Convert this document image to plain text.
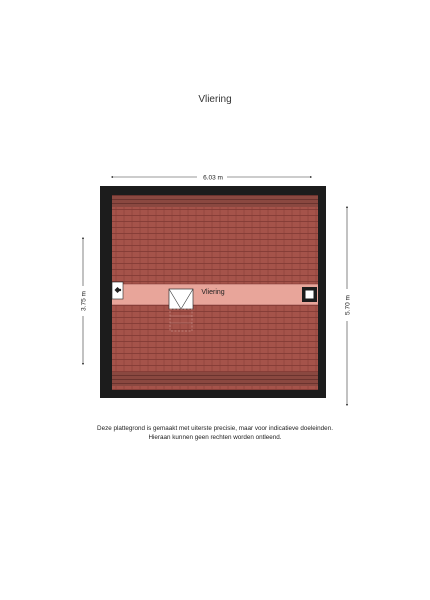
Vliering
6.03 m
3.75 m	5.70 m
Vliering
Deze plattegrond is gemaakt met uiterste precisie, maar voor indicatieve doeleinden.
Hieraan kunnen geen rechten worden ontleend.
